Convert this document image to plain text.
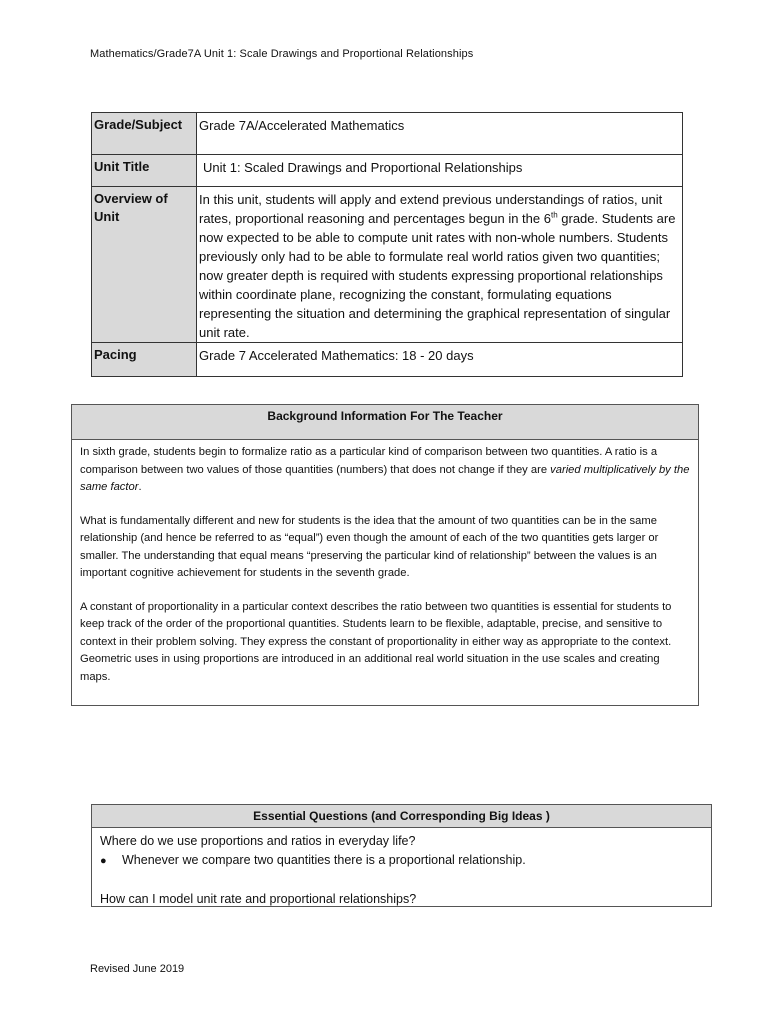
Mathematics/Grade7A Unit 1: Scale Drawings and Proportional Relationships
Grade/Subject	Grade 7A/Accelerated Mathematics
Unit Title	Unit 1: Scaled Drawings and Proportional Relationships
Overview of Unit	In this unit, students will apply and extend previous understandings of ratios, unit rates, proportional reasoning and percentages begun in the 6th grade. Students are now expected to be able to compute unit rates with non-whole numbers. Students previously only had to be able to formulate real world ratios given two quantities; now greater depth is required with students expressing proportional relationships within coordinate plane, recognizing the constant, formulating equations representing the situation and determining the graphical representation of singular unit rate.
Pacing	Grade 7 Accelerated Mathematics: 18 - 20 days
Background Information For The Teacher

In sixth grade, students begin to formalize ratio as a particular kind of comparison between two quantities. A ratio is a comparison between two values of those quantities (numbers) that does not change if they are varied multiplicatively by the same factor.

What is fundamentally different and new for students is the idea that the amount of two quantities can be in the same relationship (and hence be referred to as “equal”) even though the amount of each of the two quantities gets larger or smaller. The understanding that equal means “preserving the particular kind of relationship” between the values is an important cognitive achievement for students in the seventh grade.

A constant of proportionality in a particular context describes the ratio between two quantities is essential for students to keep track of the order of the proportional quantities. Students learn to be flexible, adaptable, precise, and sensitive to context in their problem solving. They express the constant of proportionality in either way as appropriate to the context. Geometric uses in using proportions are introduced in an additional real world situation in the use scales and creating maps.

Essential Questions (and Corresponding Big Ideas )
Where do we use proportions and ratios in everyday life?
●	Whenever we compare two quantities there is a proportional relationship.
How can I model unit rate and proportional relationships?
Revised June 2019
